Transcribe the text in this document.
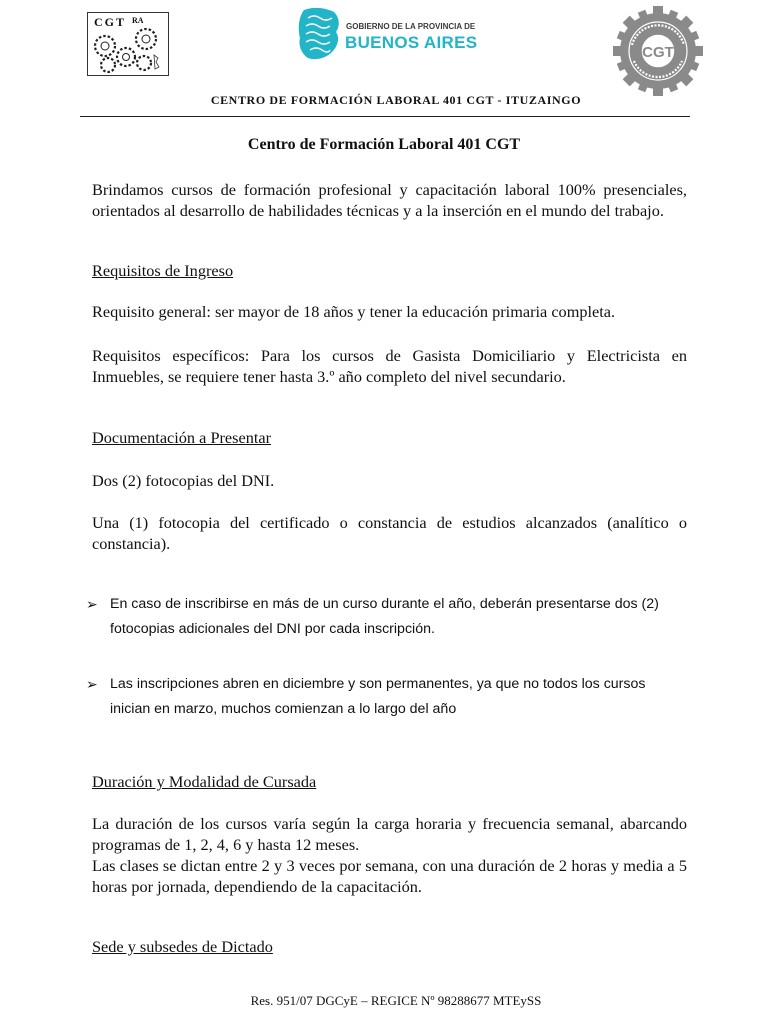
CGT RA
GOBIERNO DE LA PROVINCIA DE
BUENOS AIRES
CGT
CENTRO DE FORMACIÓN LABORAL 401 CGT - ITUZAINGO
Centro de Formación Laboral 401 CGT

Brindamos cursos de formación profesional y capacitación laboral 100% presenciales, orientados al desarrollo de habilidades técnicas y a la inserción en el mundo del trabajo.

Requisitos de Ingreso

Requisito general: ser mayor de 18 años y tener la educación primaria completa.

Requisitos específicos: Para los cursos de Gasista Domiciliario y Electricista en Inmuebles, se requiere tener hasta 3.º año completo del nivel secundario.

Documentación a Presentar

Dos (2) fotocopias del DNI.

Una (1) fotocopia del certificado o constancia de estudios alcanzados (analítico o constancia).

➢ En caso de inscribirse en más de un curso durante el año, deberán presentarse dos (2) fotocopias adicionales del DNI por cada inscripción.
➢ Las inscripciones abren en diciembre y son permanentes, ya que no todos los cursos inician en marzo, muchos comienzan a lo largo del año

Duración y Modalidad de Cursada

La duración de los cursos varía según la carga horaria y frecuencia semanal, abarcando programas de 1, 2, 4, 6 y hasta 12 meses.

Las clases se dictan entre 2 y 3 veces por semana, con una duración de 2 horas y media a 5 horas por jornada, dependiendo de la capacitación.

Sede y subsedes de Dictado

Res. 951/07 DGCyE – REGICE Nº 98288677 MTEySS
